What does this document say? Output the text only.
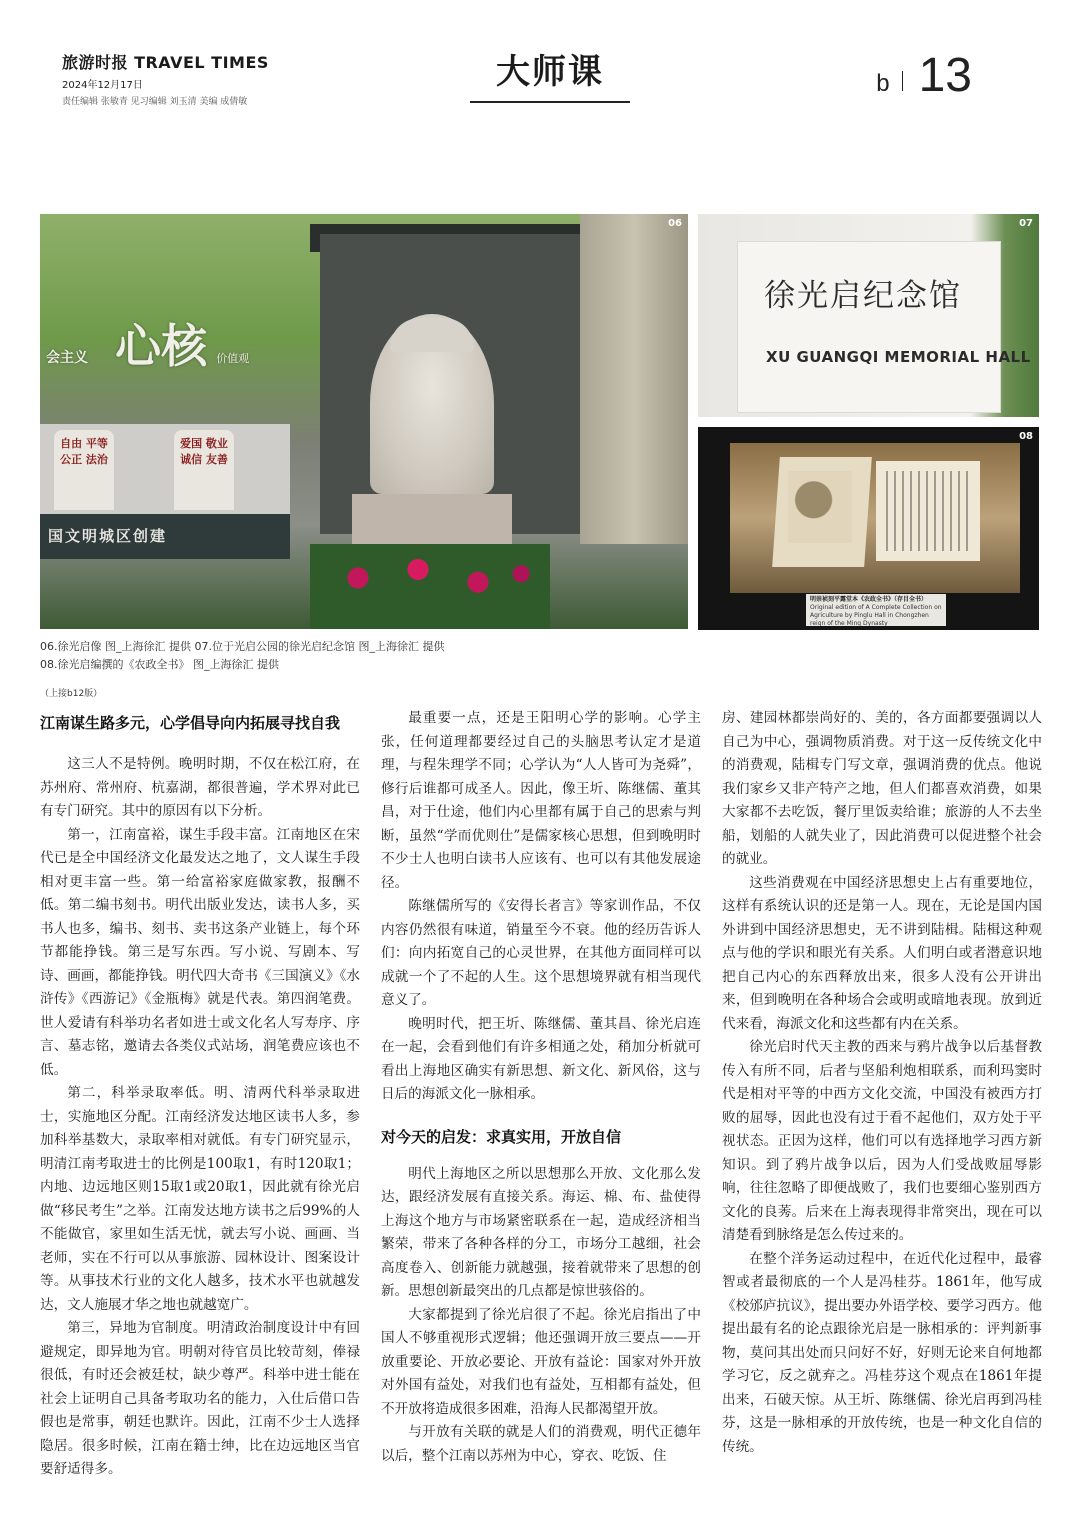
旅游时报 TRAVEL TIMES
2024年12月17日
责任编辑 张敏青 见习编辑 刘玉清 美编 成倩敏
大师课	b 13
国文明城区创建
自由 平等 公正 法治
爱国 敬业 诚信 友善
会主义 心核 价值观
06
徐光启纪念馆
XU GUANGQI MEMORIAL HALL
07
明崇祯刻平露堂本《农政全书》（存目全书）
Original edition of A Complete Collection on Agriculture by Pinglu Hall in Chongzhen reign of the Ming Dynasty
08
06.徐光启像 图_上海徐汇 提供 07.位于光启公园的徐光启纪念馆 图_上海徐汇 提供
08.徐光启编撰的《农政全书》 图_上海徐汇 提供
（上接b12版）
江南谋生路多元，心学倡导向内拓展寻找自我

这三人不是特例。晚明时期，不仅在松江府，在苏州府、常州府、杭嘉湖，都很普遍，学术界对此已有专门研究。其中的原因有以下分析。

第一，江南富裕，谋生手段丰富。江南地区在宋代已是全中国经济文化最发达之地了，文人谋生手段相对更丰富一些。第一给富裕家庭做家教，报酬不低。第二编书刻书。明代出版业发达，读书人多，买书人也多，编书、刻书、卖书这条产业链上，每个环节都能挣钱。第三是写东西。写小说、写剧本、写诗、画画，都能挣钱。明代四大奇书《三国演义》《水浒传》《西游记》《金瓶梅》就是代表。第四润笔费。世人爱请有科举功名者如进士或文化名人写寿序、序言、墓志铭，邀请去各类仪式站场，润笔费应该也不低。

第二，科举录取率低。明、清两代科举录取进士，实施地区分配。江南经济发达地区读书人多，参加科举基数大，录取率相对就低。有专门研究显示，明清江南考取进士的比例是100取1，有时120取1；内地、边远地区则15取1或20取1，因此就有徐光启做“移民考生”之举。江南发达地方读书之后99%的人不能做官，家里如生活无忧，就去写小说、画画、当老师，实在不行可以从事旅游、园林设计、图案设计等。从事技术行业的文化人越多，技术水平也就越发达，文人施展才华之地也就越宽广。

第三，异地为官制度。明清政治制度设计中有回避规定，即异地为官。明朝对待官员比较苛刻，俸禄很低，有时还会被廷杖，缺少尊严。科举中进士能在社会上证明自己具备考取功名的能力，入仕后借口告假也是常事，朝廷也默许。因此，江南不少士人选择隐居。很多时候，江南在籍士绅，比在边远地区当官要舒适得多。

最重要一点，还是王阳明心学的影响。心学主张，任何道理都要经过自己的头脑思考认定才是道理，与程朱理学不同；心学认为“人人皆可为尧舜”，修行后谁都可成圣人。因此，像王圻、陈继儒、董其昌，对于仕途，他们内心里都有属于自己的思索与判断，虽然“学而优则仕”是儒家核心思想，但到晚明时不少士人也明白读书人应该有、也可以有其他发展途径。

陈继儒所写的《安得长者言》等家训作品，不仅内容仍然很有味道，销量至今不衰。他的经历告诉人们：向内拓宽自己的心灵世界，在其他方面同样可以成就一个了不起的人生。这个思想境界就有相当现代意义了。

晚明时代，把王圻、陈继儒、董其昌、徐光启连在一起，会看到他们有许多相通之处，稍加分析就可看出上海地区确实有新思想、新文化、新风俗，这与日后的海派文化一脉相承。

对今天的启发：求真实用，开放自信

明代上海地区之所以思想那么开放、文化那么发达，跟经济发展有直接关系。海运、棉、布、盐使得上海这个地方与市场紧密联系在一起，造成经济相当繁荣，带来了各种各样的分工，市场分工越细，社会高度卷入、创新能力就越强，接着就带来了思想的创新。思想创新最突出的几点都是惊世骇俗的。

大家都提到了徐光启很了不起。徐光启指出了中国人不够重视形式逻辑；他还强调开放三要点——开放重要论、开放必要论、开放有益论：国家对外开放对外国有益处，对我们也有益处，互相都有益处，但不开放将造成很多困难，沿海人民都渴望开放。

与开放有关联的就是人们的消费观，明代正德年以后，整个江南以苏州为中心，穿衣、吃饭、住

房、建园林都崇尚好的、美的，各方面都要强调以人自己为中心，强调物质消费。对于这一反传统文化中的消费观，陆楫专门写文章，强调消费的优点。他说我们家乡又非产特产之地，但人们都喜欢消费，如果大家都不去吃饭，餐厅里饭卖给谁；旅游的人不去坐船，划船的人就失业了，因此消费可以促进整个社会的就业。

这些消费观在中国经济思想史上占有重要地位，这样有系统认识的还是第一人。现在，无论是国内国外讲到中国经济思想史，无不讲到陆楫。陆楫这种观点与他的学识和眼光有关系。人们明白或者潜意识地把自己内心的东西释放出来，很多人没有公开讲出来，但到晚明在各种场合会或明或暗地表现。放到近代来看，海派文化和这些都有内在关系。

徐光启时代天主教的西来与鸦片战争以后基督教传入有所不同，后者与坚船利炮相联系，而利玛窦时代是相对平等的中西方文化交流，中国没有被西方打败的屈辱，因此也没有过于看不起他们，双方处于平视状态。正因为这样，他们可以有选择地学习西方新知识。到了鸦片战争以后，因为人们受战败屈辱影响，往往忽略了即便战败了，我们也要细心鉴别西方文化的良莠。后来在上海表现得非常突出，现在可以清楚看到脉络是怎么传过来的。

在整个洋务运动过程中，在近代化过程中，最睿智或者最彻底的一个人是冯桂芬。1861年，他写成《校邠庐抗议》，提出要办外语学校、要学习西方。他提出最有名的论点跟徐光启是一脉相承的：评判新事物，莫问其出处而只问好不好，好则无论来自何地都学习它，反之就弃之。冯桂芬这个观点在1861年提出来，石破天惊。从王圻、陈继儒、徐光启再到冯桂芬，这是一脉相承的开放传统，也是一种文化自信的传统。
